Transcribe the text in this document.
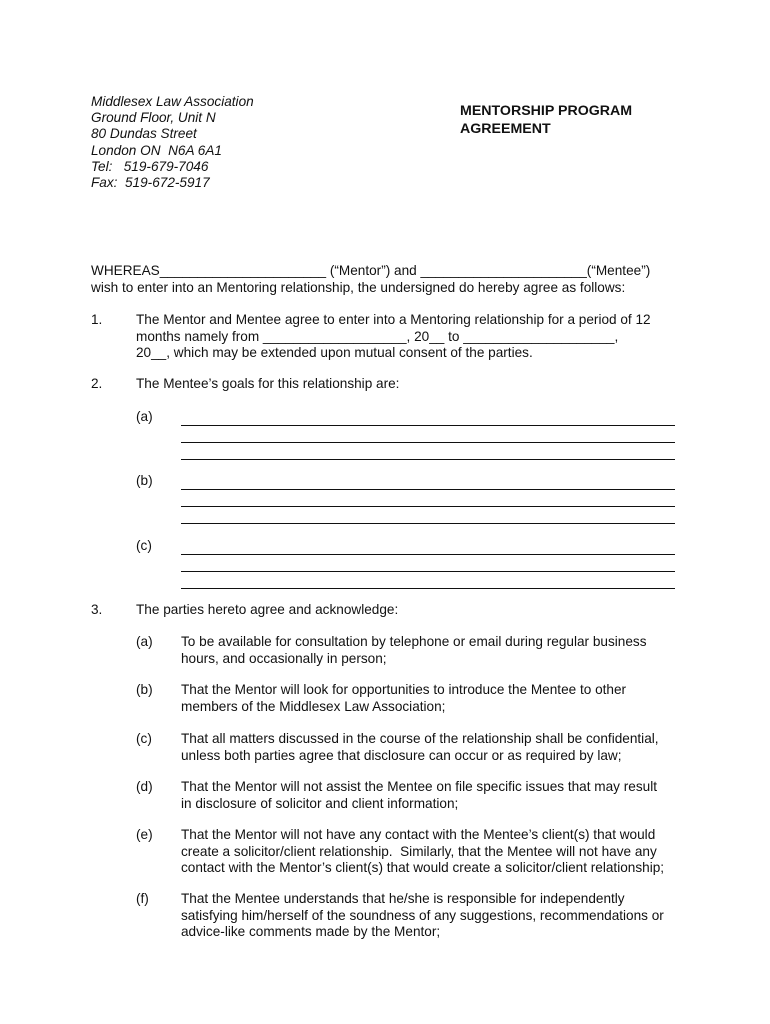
Middlesex Law Association
Ground Floor, Unit N
80 Dundas Street
London ON  N6A 6A1
Tel:   519-679-7046
Fax:  519-672-5917
MENTORSHIP PROGRAM
AGREEMENT
WHEREAS______________________ (“Mentor”) and ______________________(“Mentee”)
wish to enter into an Mentoring relationship, the undersigned do hereby agree as follows:
1. The Mentor and Mentee agree to enter into a Mentoring relationship for a period of 12
months namely from ___________________, 20__ to ____________________,
20__, which may be extended upon mutual consent of the parties.
2. The Mentee’s goals for this relationship are:
(a)
(b)
(c)
3. The parties hereto agree and acknowledge:
(a) To be available for consultation by telephone or email during regular business
hours, and occasionally in person;
(b) That the Mentor will look for opportunities to introduce the Mentee to other
members of the Middlesex Law Association;
(c) That all matters discussed in the course of the relationship shall be confidential,
unless both parties agree that disclosure can occur or as required by law;
(d) That the Mentor will not assist the Mentee on file specific issues that may result
in disclosure of solicitor and client information;
(e) That the Mentor will not have any contact with the Mentee’s client(s) that would
create a solicitor/client relationship.  Similarly, that the Mentee will not have any
contact with the Mentor’s client(s) that would create a solicitor/client relationship;
(f) That the Mentee understands that he/she is responsible for independently
satisfying him/herself of the soundness of any suggestions, recommendations or
advice-like comments made by the Mentor;
